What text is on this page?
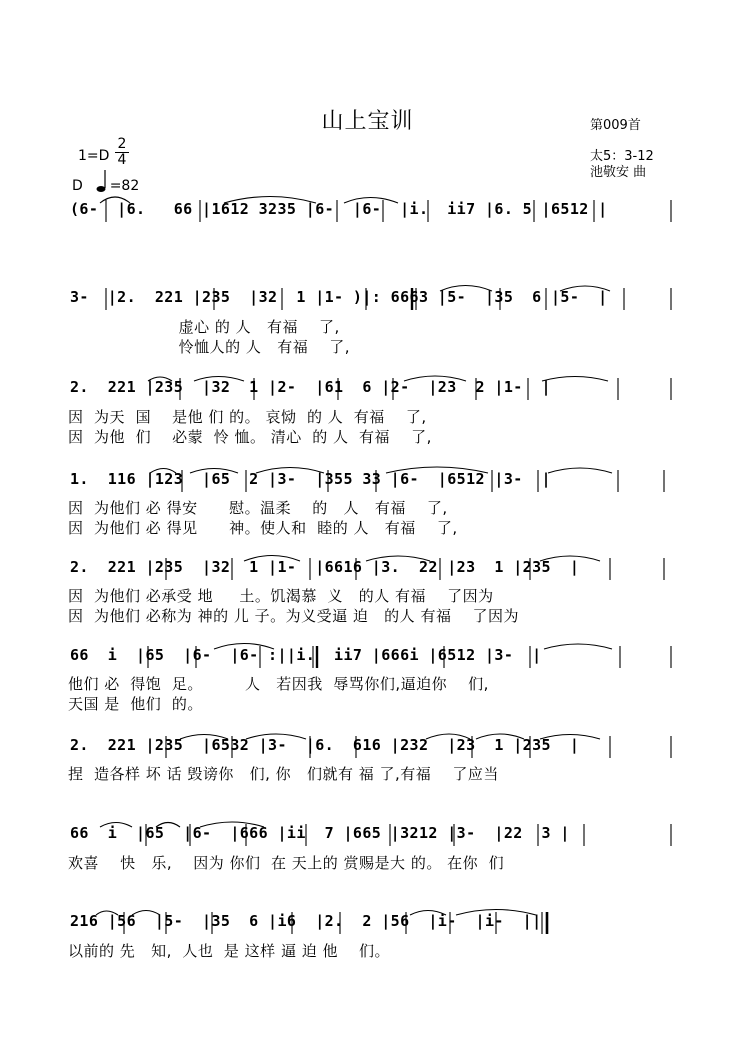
山上宝训	第009首
1=D
2
4	太5：3-12
池敬安 曲
D =82
(6-  |6.   66 |1612 3235 |6-  |6-  |i.  ii7 |6. 5 |6512 |
3-  |2.  221 |235  |32  1 |1- )|: 6663 |5-  |35  6 |5-  |
虚心 的 人   有福    了,
怜恤人的 人   有福    了,
2.  221 |235  |32  1 |2-  |61  6 |2-  |23  2 |1-  |
因  为天  国    是他 们 的。 哀恸  的 人  有福    了,
因  为他  们    必蒙  怜 恤。 清心  的 人  有福    了,
1.  116 |123  |65  2 |3-  |355 33 |6-  |6512 |3-  |
因  为他们 必 得安      慰。温柔    的   人   有福    了,
因  为他们 必 得见      神。使人和  睦的 人   有福    了,
2.  221 |235  |32  1 |1-  |6616 |3.  22 |23  1 |235  |
因  为他们 必承受 地     土。饥渴慕  义   的人 有福    了因为
因  为他们 必称为 神的 儿 子。为义受逼 迫   的人 有福    了因为
66  i  |65  |6-  |6- :||i.  ii7 |666i |6512 |3-  |
他们 必  得饱  足。        人   若因我  辱骂你们,逼迫你    们,
天国 是  他们  的。
2.  221 |235  |6532 |3-  |6.  616 |232  |23  1 |235  |
捏  造各样 坏 话 毁谤你   们, 你   们就有 福 了,有福    了应当
66  i  |65  |6-  |666 |ii  7 |665 |3212 |3-  |22  3 |
欢喜    快   乐,    因为 你们  在 天上的 赏赐是大 的。 在你  们
216 |56  |5-  |35  6 |i6  |2.  2 |56  |i-  |i-  ||
以前的 先   知,  人也  是 这样 逼 迫 他    们。
